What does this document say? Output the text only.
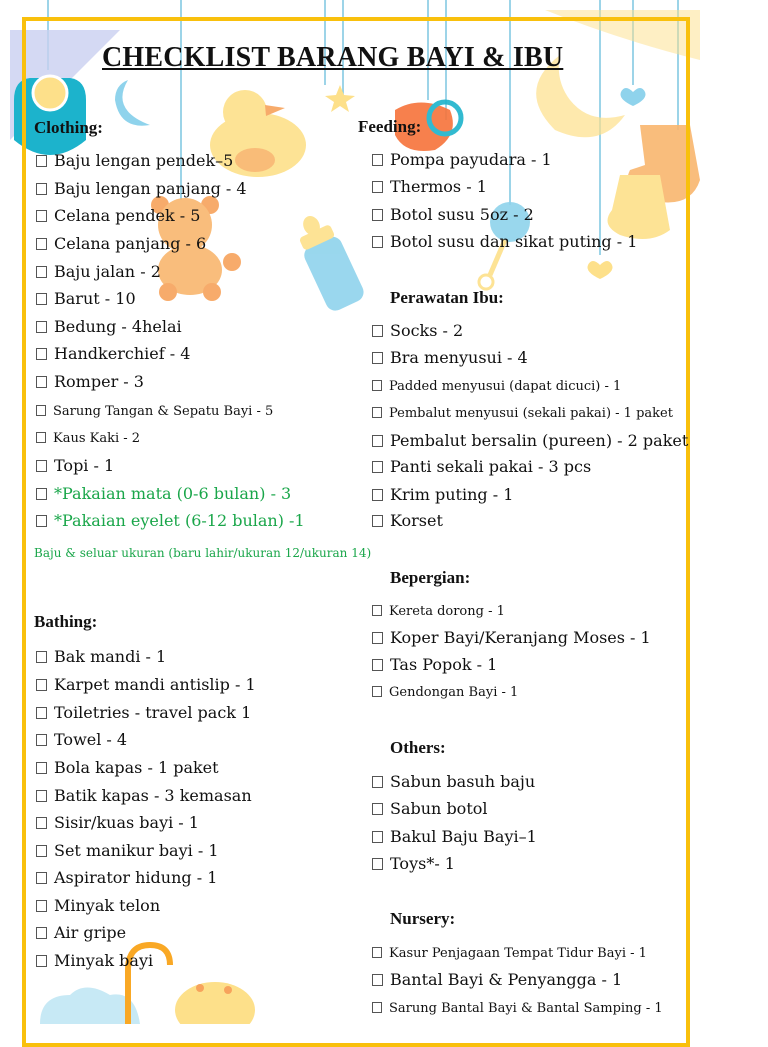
CHECKLIST BARANG BAYI & IBU
Clothing:
Baju lengan pendek–5
Baju lengan panjang - 4
Celana pendek - 5
Celana panjang - 6
Baju jalan - 2
Barut - 10
Bedung - 4helai
Handkerchief - 4
Romper - 3
Sarung Tangan & Sepatu Bayi - 5
Kaus Kaki - 2
Topi - 1
*Pakaian mata (0-6 bulan) - 3
*Pakaian eyelet (6-12 bulan) -1
Baju & seluar ukuran (baru lahir/ukuran 12/ukuran 14)
Bathing:
Bak mandi - 1
Karpet mandi antislip - 1
Toiletries - travel pack 1
Towel - 4
Bola kapas - 1 paket
Batik kapas - 3 kemasan
Sisir/kuas bayi - 1
Set manikur bayi - 1
Aspirator hidung - 1
Minyak telon
Air gripe
Minyak bayi
Feeding:
Pompa payudara - 1
Thermos - 1
Botol susu 5oz - 2
Botol susu dan sikat puting - 1
Perawatan Ibu:
Socks - 2
Bra menyusui - 4
Padded menyusui (dapat dicuci) - 1
Pembalut menyusui (sekali pakai) - 1 paket
Pembalut bersalin (pureen) - 2 paket
Panti sekali pakai - 3 pcs
Krim puting - 1
Korset
Bepergian:
Kereta dorong - 1
Koper Bayi/Keranjang Moses - 1
Tas Popok - 1
Gendongan Bayi - 1
Others:
Sabun basuh baju
Sabun botol
Bakul Baju Bayi–1
Toys*- 1
Nursery:
Kasur Penjagaan Tempat Tidur Bayi - 1
Bantal Bayi & Penyangga - 1
Sarung Bantal Bayi & Bantal Samping - 1
